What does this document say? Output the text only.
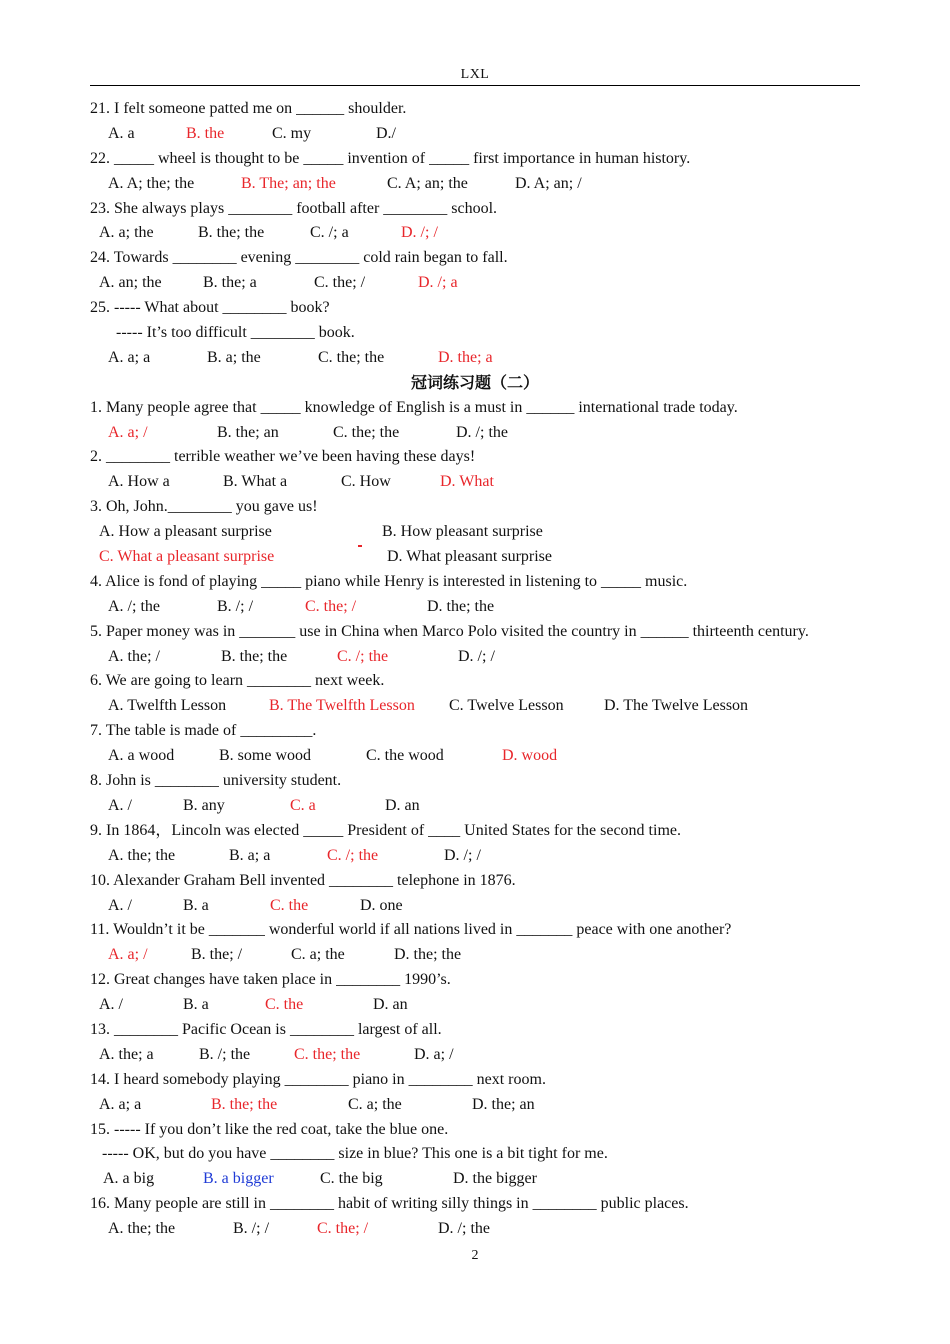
LXL
21. I felt someone patted me on ______ shoulder.
A. a	B. the	C. my	D./
22. _____ wheel is thought to be _____ invention of _____ first importance in human history.
A. A; the; the	B. The; an; the	C. A; an; the	D. A; an; /
23. She always plays ________ football after ________ school.
A. a; the	B. the; the	C. /; a	D. /; /
24. Towards ________ evening ________ cold rain began to fall.
A. an; the	B. the; a	C. the; /	D. /; a
25. ----- What about ________ book?
----- It’s too difficult ________ book.
A. a; a	B. a; the	C. the; the	D. the; a
冠词练习题（二）
1. Many people agree that _____ knowledge of English is a must in ______ international trade today.
A. a; /	B. the; an	C. the; the	D. /; the
2. ________ terrible weather we’ve been having these days!
A. How a	B. What a	C. How	D. What
3. Oh, John.________ you gave us!
A. How a pleasant surprise	B. How pleasant surprise
C. What a pleasant surprise	D. What pleasant surprise
4. Alice is fond of playing _____ piano while Henry is interested in listening to _____ music.
A. /; the	B. /; /	C. the; /	D. the; the
5. Paper money was in _______ use in China when Marco Polo visited the country in ______ thirteenth century.
A. the; /	B. the; the	C. /; the	D. /; /
6. We are going to learn ________ next week.
A. Twelfth Lesson	B. The Twelfth Lesson C. Twelve Lesson	D. The Twelve Lesson
7. The table is made of _________.
A. a wood	B. some wood	C. the wood	D. wood
8. John is ________ university student.
A. /	B. any	C. a	D. an
9. In 1864，Lincoln was elected _____ President of ____ United States for the second time.
A. the; the	B. a; a	C. /; the	D. /; /
10. Alexander Graham Bell invented ________ telephone in 1876.
A. /	B. a	C. the	D. one
11. Wouldn’t it be _______ wonderful world if all nations lived in _______ peace with one another?
A. a; /	B. the; /	C. a; the	D. the; the
12. Great changes have taken place in ________ 1990’s.
A. /	B. a	C. the	D. an
13. ________ Pacific Ocean is ________ largest of all.
A. the; a	B. /; the	C. the; the	D. a; /
14. I heard somebody playing ________ piano in ________ next room.
A. a; a	B. the; the	C. a; the	D. the; an
15. ----- If you don’t like the red coat, take the blue one.
----- OK, but do you have ________ size in blue? This one is a bit tight for me.
A. a big	B. a bigger	C. the big	D. the bigger
16. Many people are still in ________ habit of writing silly things in ________ public places.
A. the; the	B. /; /	C. the; /	D. /; the
2
